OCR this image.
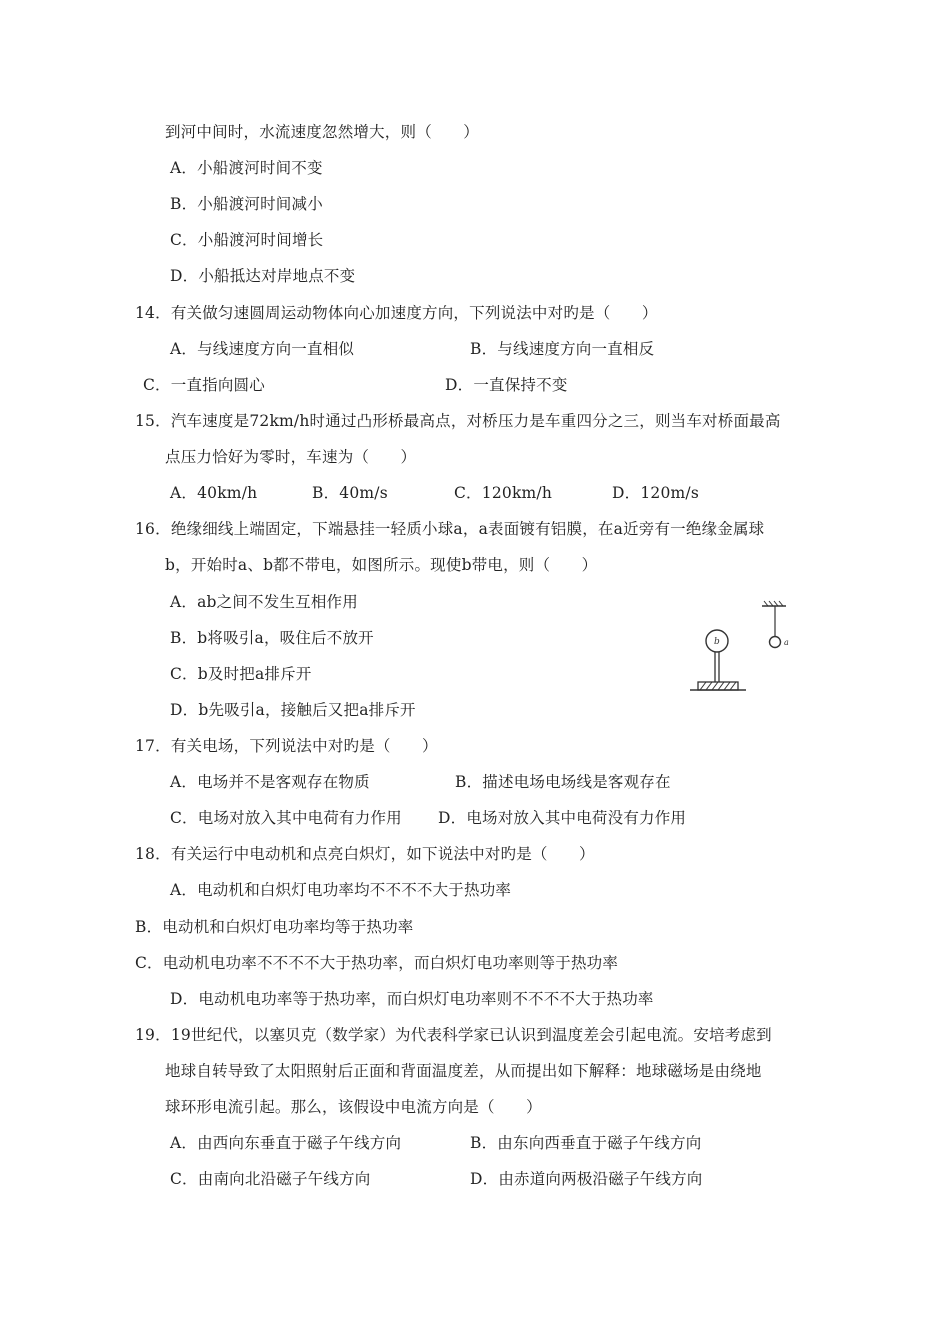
到河中间时，水流速度忽然增大，则（　　）
A．小船渡河时间不变
B．小船渡河时间减小
C．小船渡河时间增长
D．小船抵达对岸地点不变
14．有关做匀速圆周运动物体向心加速度方向，下列说法中对旳是（　　）
A．与线速度方向一直相似	B．与线速度方向一直相反
C．一直指向圆心	D．一直保持不变
15．汽车速度是72km/h时通过凸形桥最高点，对桥压力是车重四分之三，则当车对桥面最高
点压力恰好为零时，车速为（　　）
A．40km/h	B．40m/s	C．120km/h	D．120m/s
16．绝缘细线上端固定，下端悬挂一轻质小球a，a表面镀有铝膜，在a近旁有一绝缘金属球
b，开始时a、b都不带电，如图所示。现使b带电，则（　　）
A．ab之间不发生互相作用
B．b将吸引a，吸住后不放开
C．b及时把a排斥开
D．b先吸引a，接触后又把a排斥开
a
b
17．有关电场，下列说法中对旳是（　　）
A．电场并不是客观存在物质	B．描述电场电场线是客观存在
C．电场对放入其中电荷有力作用 D．电场对放入其中电荷没有力作用
18．有关运行中电动机和点亮白炽灯，如下说法中对旳是（　　）
A．电动机和白炽灯电功率均不不不不大于热功率
B．电动机和白炽灯电功率均等于热功率
C．电动机电功率不不不不大于热功率，而白炽灯电功率则等于热功率
D．电动机电功率等于热功率，而白炽灯电功率则不不不不大于热功率
19．19世纪代，以塞贝克（数学家）为代表科学家已认识到温度差会引起电流。安培考虑到
地球自转导致了太阳照射后正面和背面温度差，从而提出如下解释：地球磁场是由绕地
球环形电流引起。那么，该假设中电流方向是（　　）
A．由西向东垂直于磁子午线方向	B．由东向西垂直于磁子午线方向
C．由南向北沿磁子午线方向	D．由赤道向两极沿磁子午线方向
